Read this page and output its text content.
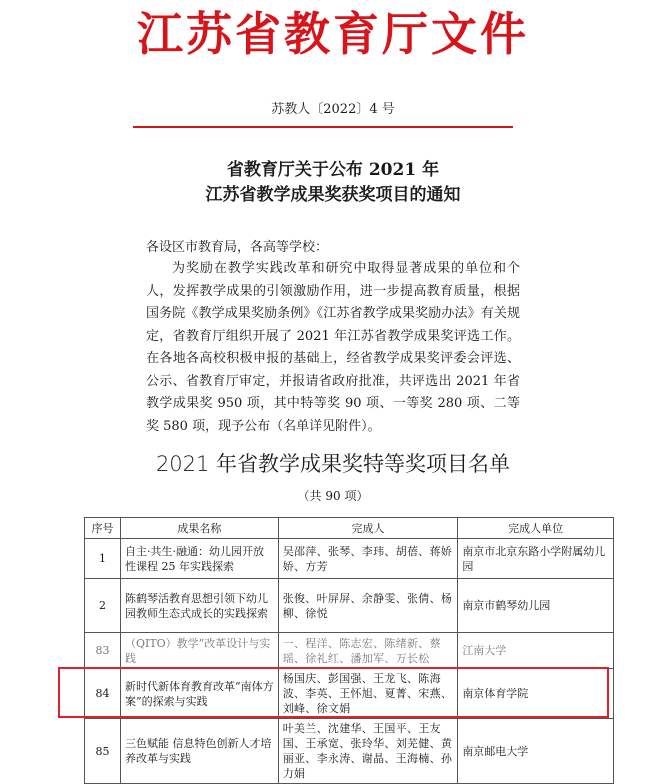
江苏省教育厅文件
苏教人〔2022〕4 号
省教育厅关于公布 2021 年
江苏省教学成果奖获奖项目的通知
各设区市教育局，各高等学校：
为奖励在教学实践改革和研究中取得显著成果的单位和个人，发挥教学成果的引领激励作用，进一步提高教育质量，根据国务院《教学成果奖励条例》《江苏省教学成果奖励办法》有关规定，省教育厅组织开展了 2021 年江苏省教学成果奖评选工作。在各地各高校积极申报的基础上，经省教学成果奖评委会评选、公示、省教育厅审定，并报请省政府批准，共评选出 2021 年省教学成果奖 950 项，其中特等奖 90 项、一等奖 280 项、二等奖 580 项，现予公布（名单详见附件）。
2021 年省教学成果奖特等奖项目名单
（共 90 项）
序号	成果名称	完成人	完成人单位
1	自主·共生·融通：幼儿园开放性课程 25 年实践探索	吴邵萍、张琴、李玮、胡蓓、蒋娇娇、方芳	南京市北京东路小学附属幼儿园
2	陈鹤琴活教育思想引领下幼儿园教师生态式成长的实践探索	张俊、叶屏屏、余静雯、张倩、杨柳、徐悦	南京市鹤琴幼儿园
83	（QITO）教学”改革设计与实践	一、程洋、陈志宏、陈绪新、蔡瑶、徐礼红、潘加军、万长松	江南大学
84	新时代新体育教育改革“南体方案”的探索与实践	杨国庆、彭国强、王龙飞、陈海波、李英、王怀旭、夏菁、宋燕、刘峰、徐文娟	南京体育学院
85	三色赋能 信息特色创新人才培养改革与实践	叶美兰、沈建华、王国平、王友国、王承宽、张玲华、刘芜健、黄丽亚、李永涛、谢晶、王海楠、孙力娟	南京邮电大学
